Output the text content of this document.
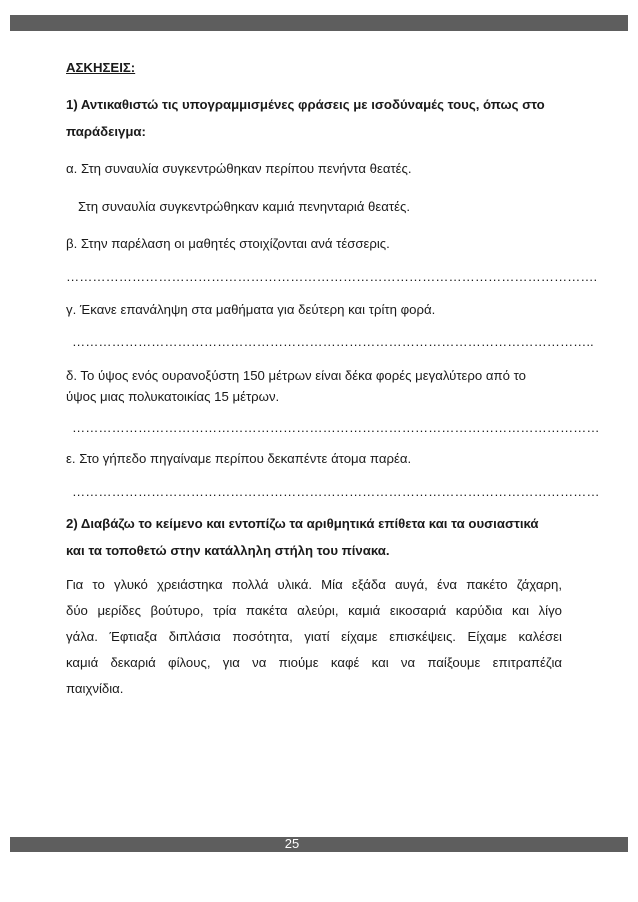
ΑΣΚΗΣΕΙΣ:
1) Αντικαθιστώ τις υπογραμμισμένες φράσεις με ισοδύναμές τους, όπως στο
παράδειγμα:
α. Στη συναυλία συγκεντρώθηκαν περίπου πενήντα θεατές.
Στη συναυλία συγκεντρώθηκαν καμιά πενηνταριά θεατές.
β. Στην παρέλαση οι μαθητές στοιχίζονται ανά τέσσερις.
………………………………………………………………………………………………………….
γ. Έκανε επανάληψη στα μαθήματα για δεύτερη και τρίτη φορά.
………………………………………………………………………………………………………..
δ. Το ύψος ενός ουρανοξύστη 150 μέτρων είναι δέκα φορές μεγαλύτερο από το
ύψος μιας πολυκατοικίας 15 μέτρων.
…………………………………………………………………………………………………………
ε. Στο γήπεδο πηγαίναμε περίπου δεκαπέντε άτομα παρέα.
…………………………………………………………………………………………………………
2) Διαβάζω το κείμενο και εντοπίζω τα αριθμητικά επίθετα και τα ουσιαστικά
και τα τοποθετώ στην κατάλληλη στήλη του πίνακα.
Για το γλυκό χρειάστηκα πολλά υλικά. Μία εξάδα αυγά, ένα πακέτο ζάχαρη,
δύο μερίδες βούτυρο, τρία πακέτα αλεύρι, καμιά εικοσαριά καρύδια και λίγο
γάλα. Έφτιαξα διπλάσια ποσότητα, γιατί είχαμε επισκέψεις. Είχαμε καλέσει
καμιά δεκαριά φίλους, για να πιούμε καφέ και να παίξουμε επιτραπέζια
παιχνίδια.
25
